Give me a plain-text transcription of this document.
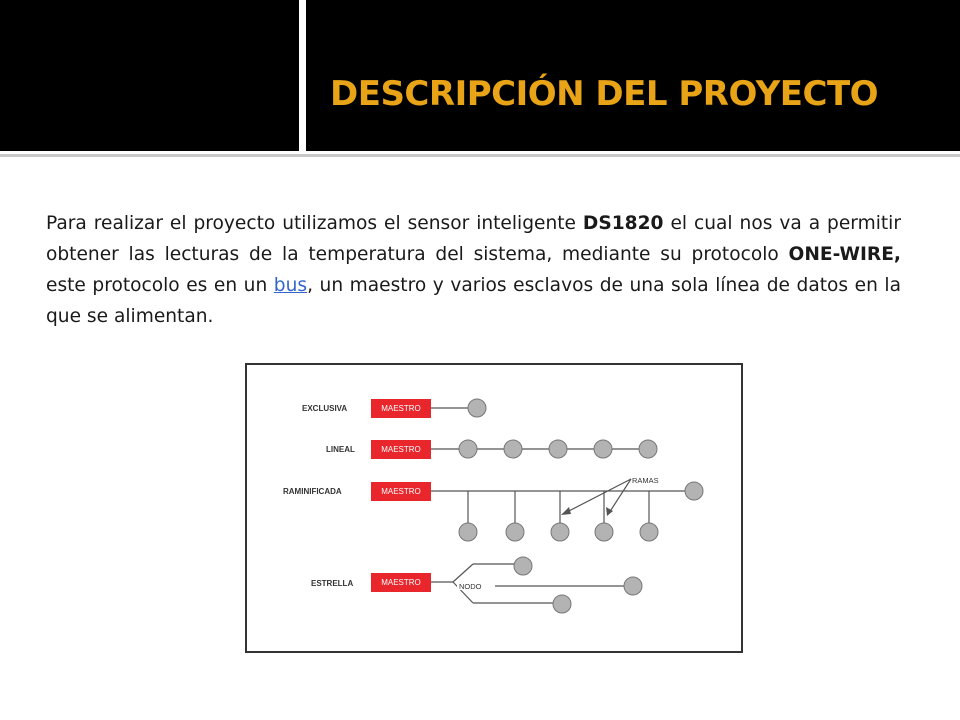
DESCRIPCIÓN DEL PROYECTO
Para realizar el proyecto utilizamos el sensor inteligente DS1820 el cual nos va a permitir obtener las lecturas de la temperatura del sistema, mediante su protocolo ONE-WIRE, este protocolo es en un bus, un maestro y varios esclavos de una sola línea de datos en la que se alimentan.
EXCLUSIVA
LINEAL
RAMINIFICADA
ESTRELLA
MAESTRO
MAESTRO
MAESTRO
MAESTRO
RAMAS
NODO
